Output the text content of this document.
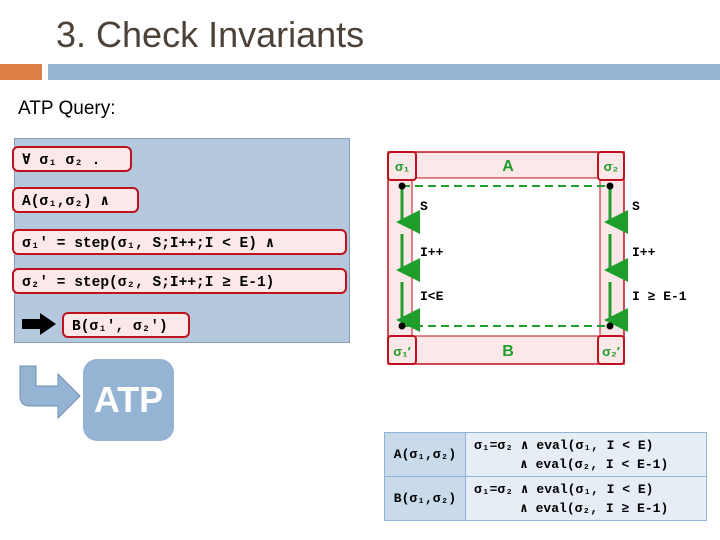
3. Check Invariants
ATP Query:
∀ σ₁ σ₂ .
A(σ₁,σ₂) ∧
σ₁′ = step(σ₁, S;I++;I < E) ∧
σ₂′ = step(σ₂, S;I++;I ≥ E-1)
B(σ₁′, σ₂′)
ATP
σ₁	σ₂
σ₁′	σ₂′
A
B
S
I++
I<E
S
I++
I ≥ E-1
A(σ₁,σ₂)	σ₁=σ₂ ∧ eval(σ₁, I < E)
∧ eval(σ₂, I < E-1)

B(σ₁,σ₂)	σ₁=σ₂ ∧ eval(σ₁, I < E)
∧ eval(σ₂, I ≥ E-1)
